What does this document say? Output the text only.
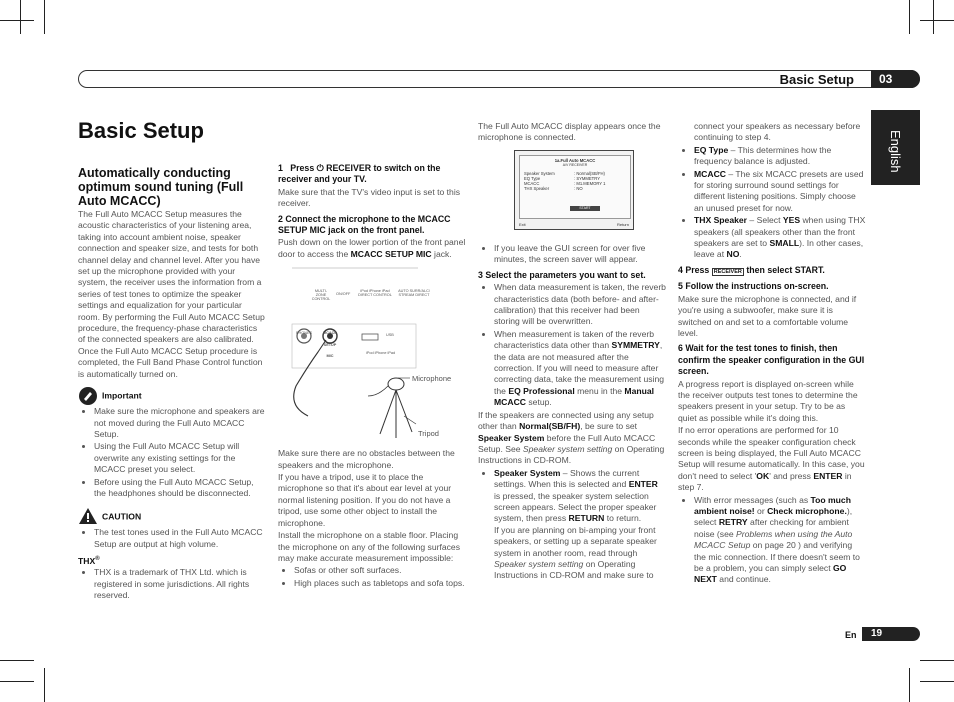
Basic Setup	03
English
Basic Setup

Automatically conducting optimum sound tuning (Full Auto MCACC)

The Full Auto MCACC Setup measures the acoustic characteristics of your listening area, taking into account ambient noise, speaker connection and speaker size, and tests for both channel delay and channel level. After you have set up the microphone provided with your system, the receiver uses the information from a series of test tones to optimize the speaker settings and equalization for your particular room. By performing the Full Auto MCACC Setup procedure, the frequency-phase characteristics of the connected speakers are also calibrated. Once the Full Auto MCACC Setup procedure is completed, the Full Band Phase Control function is automatically turned on.

Important
• Make sure the microphone and speakers are not moved during the Full Auto MCACC Setup.
• Using the Full Auto MCACC Setup will overwrite any existing settings for the MCACC preset you select.
• Before using the Full Auto MCACC Setup, the headphones should be disconnected.
CAUTION
• The test tones used in the Full Auto MCACC Setup are output at high volume.
THX®
• THX is a trademark of THX Ltd. which is registered in some jurisdictions. All rights reserved.

1 Press ⏻ RECEIVER to switch on the receiver and your TV.

Make sure that the TV's video input is set to this receiver.

2 Connect the microphone to the MCACC SETUP MIC jack on the front panel.

Push down on the lower portion of the front panel door to access the MCACC SETUP MIC jack.

MULTI-ZONE CONTROL
ON/OFF
iPod iPhone iPad DIRECT CONTROL
AUTO SURR/ALC/ STREAM DIRECT
PHONES	MCACC SETUP MIC
USB
iPod iPhone iPad
Microphone
Tripod

Make sure there are no obstacles between the speakers and the microphone.

If you have a tripod, use it to place the microphone so that it's about ear level at your normal listening position. If you do not have a tripod, use some other object to install the microphone.

Install the microphone on a stable floor. Placing the microphone on any of the following surfaces may make accurate measurement impossible:

• Sofas or other soft surfaces.
• High places such as tabletops and sofa tops.

The Full Auto MCACC display appears once the microphone is connected.

1a.Full Auto MCACC
A/V RECEIVER
Speaker System	: Normal(SB/FH)
EQ Type	: SYMMETRY
MCACC	: M1.MEMORY 1
THX Speaker	: NO
START
Exit	Return
• If you leave the GUI screen for over five minutes, the screen saver will appear.

3 Select the parameters you want to set.

• When data measurement is taken, the reverb characteristics data (both before- and after-calibration) that this receiver had been storing will be overwritten.
• When measurement is taken of the reverb characteristics data other than SYMMETRY, the data are not measured after the correction. If you will need to measure after correcting data, take the measurement using the EQ Professional menu in the Manual MCACC setup.

If the speakers are connected using any setup other than Normal(SB/FH), be sure to set Speaker System before the Full Auto MCACC Setup. See Speaker system setting on Operating Instructions in CD-ROM.

• Speaker System – Shows the current settings. When this is selected and ENTER is pressed, the speaker system selection screen appears. Select the proper speaker system, then press RETURN to return.
If you are planning on bi-amping your front speakers, or setting up a separate speaker system in another room, read through Speaker system setting on Operating Instructions in CD-ROM and make sure to

connect your speakers as necessary before continuing to step 4.

• EQ Type – This determines how the frequency balance is adjusted.
• MCACC – The six MCACC presets are used for storing surround sound settings for different listening positions. Simply choose an unused preset for now.
• THX Speaker – Select YES when using THX speakers (all speakers other than the front speakers are set to SMALL). In other cases, leave at NO.

4 Press RECEIVER then select START.

5 Follow the instructions on-screen.

Make sure the microphone is connected, and if you're using a subwoofer, make sure it is switched on and set to a comfortable volume level.

6 Wait for the test tones to finish, then confirm the speaker configuration in the GUI screen.

A progress report is displayed on-screen while the receiver outputs test tones to determine the speakers present in your setup. Try to be as quiet as possible while it's doing this.

If no error operations are performed for 10 seconds while the speaker configuration check screen is being displayed, the Full Auto MCACC Setup will resume automatically. In this case, you don't need to select 'OK' and press ENTER in step 7.

• With error messages (such as Too much ambient noise! or Check microphone.), select RETRY after checking for ambient noise (see Problems when using the Auto MCACC Setup on page 20 ) and verifying the mic connection. If there doesn't seem to be a problem, you can simply select GO NEXT and continue.
En	19
